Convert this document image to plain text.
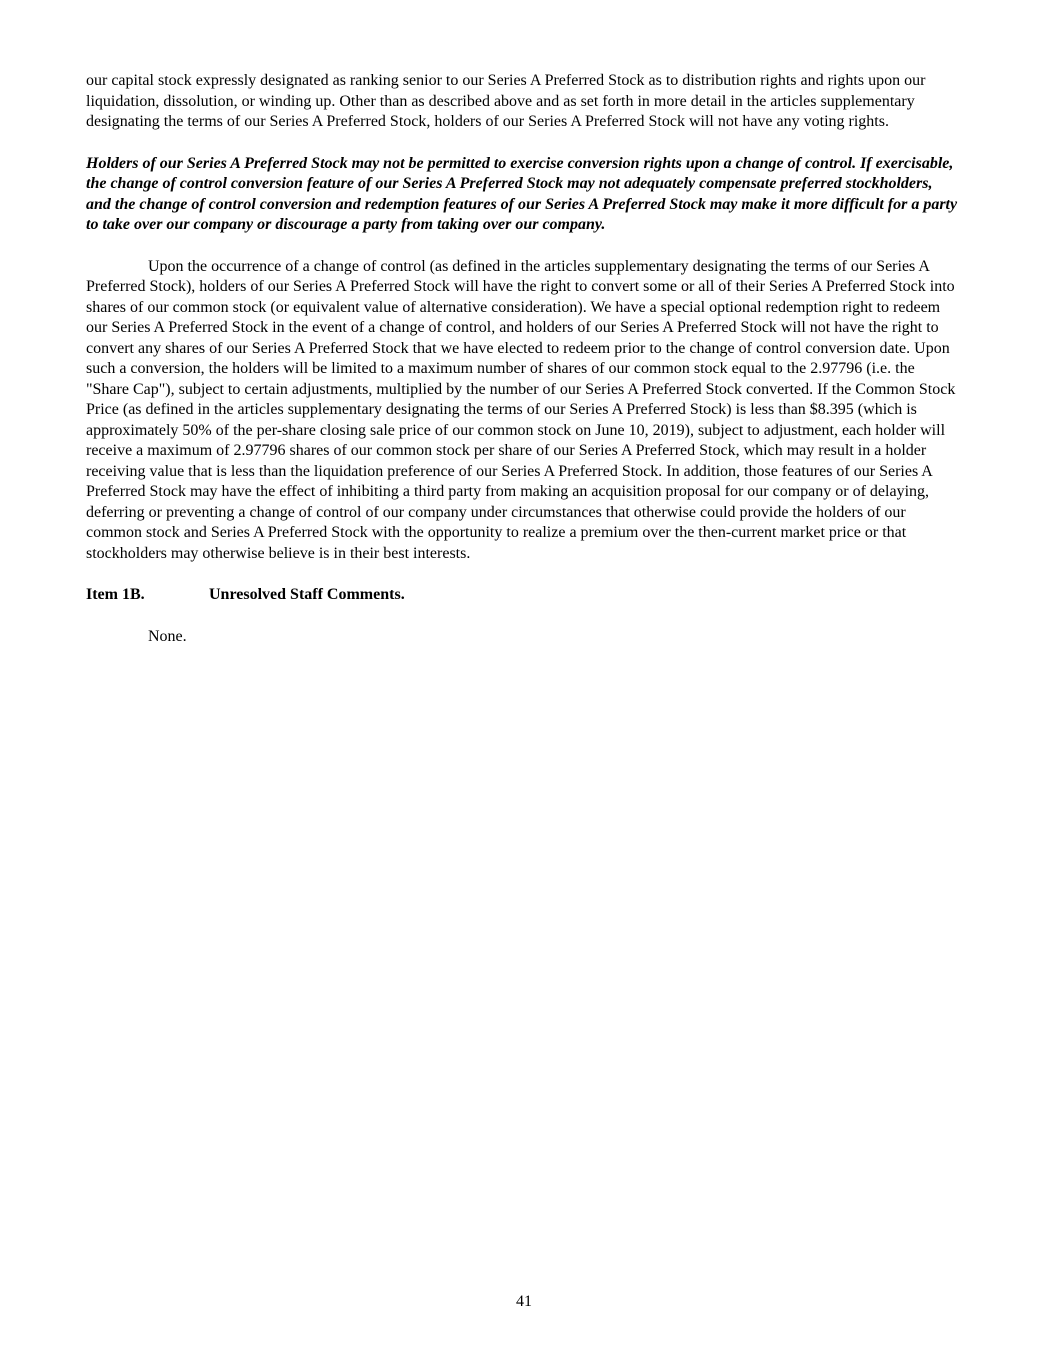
our capital stock expressly designated as ranking senior to our Series A Preferred Stock as to distribution rights and rights upon our liquidation, dissolution, or winding up. Other than as described above and as set forth in more detail in the articles supplementary designating the terms of our Series A Preferred Stock, holders of our Series A Preferred Stock will not have any voting rights.

Holders of our Series A Preferred Stock may not be permitted to exercise conversion rights upon a change of control. If exercisable, the change of control conversion feature of our Series A Preferred Stock may not adequately compensate preferred stockholders, and the change of control conversion and redemption features of our Series A Preferred Stock may make it more difficult for a party to take over our company or discourage a party from taking over our company.

Upon the occurrence of a change of control (as defined in the articles supplementary designating the terms of our Series A Preferred Stock), holders of our Series A Preferred Stock will have the right to convert some or all of their Series A Preferred Stock into shares of our common stock (or equivalent value of alternative consideration). We have a special optional redemption right to redeem our Series A Preferred Stock in the event of a change of control, and holders of our Series A Preferred Stock will not have the right to convert any shares of our Series A Preferred Stock that we have elected to redeem prior to the change of control conversion date. Upon such a conversion, the holders will be limited to a maximum number of shares of our common stock equal to the 2.97796 (i.e. the "Share Cap"), subject to certain adjustments, multiplied by the number of our Series A Preferred Stock converted. If the Common Stock Price (as defined in the articles supplementary designating the terms of our Series A Preferred Stock) is less than $8.395 (which is approximately 50% of the per-share closing sale price of our common stock on June 10, 2019), subject to adjustment, each holder will receive a maximum of 2.97796 shares of our common stock per share of our Series A Preferred Stock, which may result in a holder receiving value that is less than the liquidation preference of our Series A Preferred Stock. In addition, those features of our Series A Preferred Stock may have the effect of inhibiting a third party from making an acquisition proposal for our company or of delaying, deferring or preventing a change of control of our company under circumstances that otherwise could provide the holders of our common stock and Series A Preferred Stock with the opportunity to realize a premium over the then-current market price or that stockholders may otherwise believe is in their best interests.

Item 1B.	Unresolved Staff Comments.

None.

41
